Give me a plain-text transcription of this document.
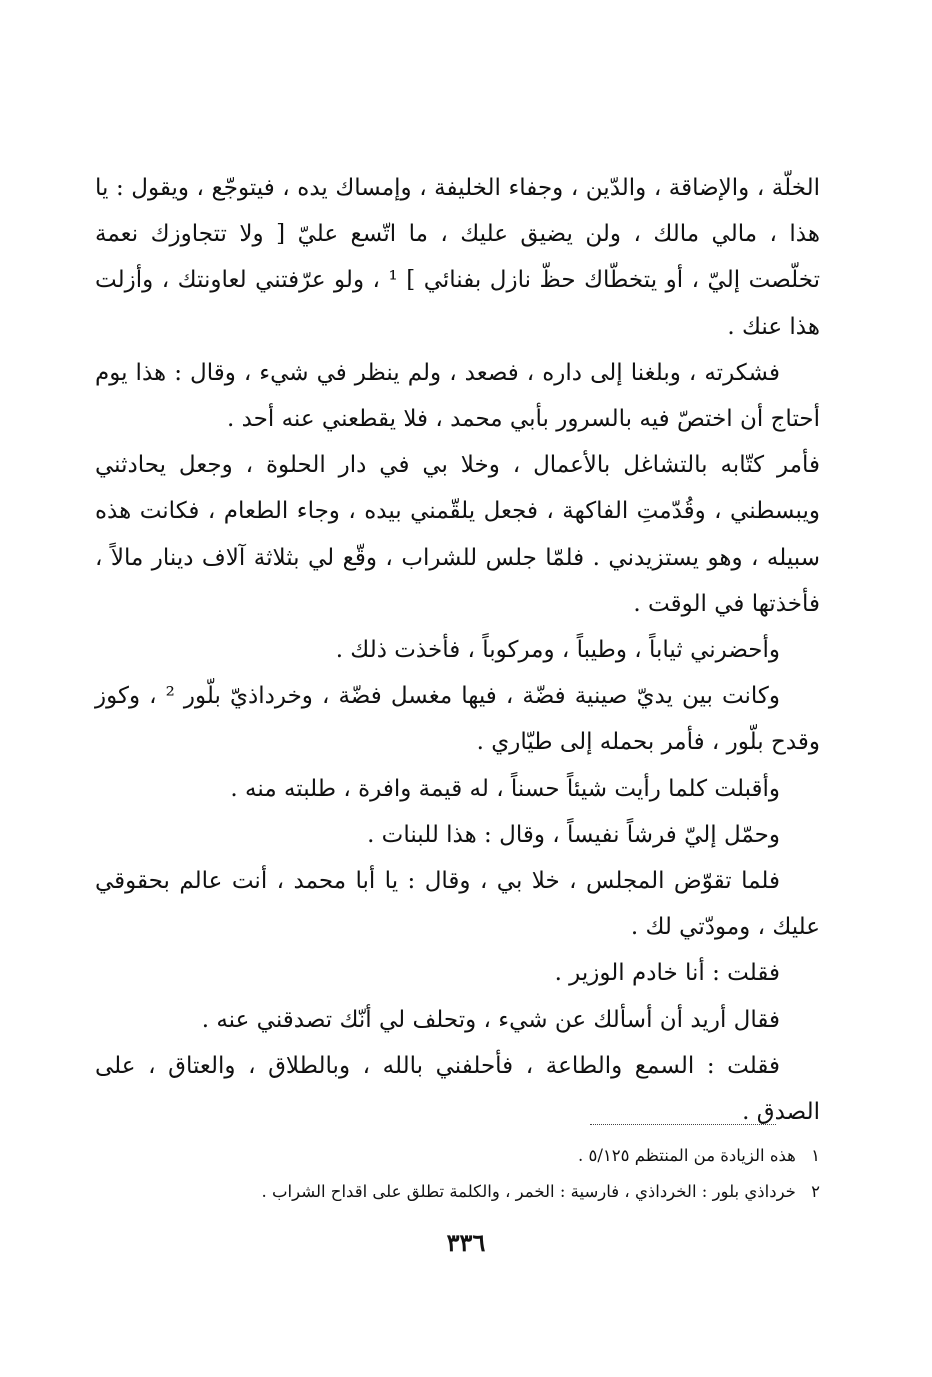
الخلّة ، والإضاقة ، والدّين ، وجفاء الخليفة ، وإمساك يده ، فيتوجّع ، ويقول : يا هذا ، مالي مالك ، ولن يضيق عليك ، ما اتّسع عليّ [ ولا تتجاوزك نعمة تخلّصت إليّ ، أو يتخطّاك حظّ نازل بفنائي ] ¹ ، ولو عرّفتني لعاونتك ، وأزلت هذا عنك .

فشكرته ، وبلغنا إلى داره ، فصعد ، ولم ينظر في شيء ، وقال : هذا يوم أحتاج أن اختصّ فيه بالسرور بأبي محمد ، فلا يقطعني عنه أحد .

فأمر كتّابه بالتشاغل بالأعمال ، وخلا بي في دار الحلوة ، وجعل يحادثني ويبسطني ، وقُدّمتِ الفاكهة ، فجعل يلقّمني بيده ، وجاء الطعام ، فكانت هذه سبيله ، وهو يستزيدني . فلمّا جلس للشراب ، وقّع لي بثلاثة آلاف دينار مالاً ، فأخذتها في الوقت .

وأحضرني ثياباً ، وطيباً ، ومركوباً ، فأخذت ذلك .

وكانت بين يديّ صينية فضّة ، فيها مغسل فضّة ، وخرداذيّ بلّور ² ، وكوز وقدح بلّور ، فأمر بحمله إلى طيّاري .

وأقبلت كلما رأيت شيئاً حسناً ، له قيمة وافرة ، طلبته منه .

وحمّل إليّ فرشاً نفيساً ، وقال : هذا للبنات .

فلما تقوّض المجلس ، خلا بي ، وقال : يا أبا محمد ، أنت عالم بحقوقي عليك ، ومودّتي لك .

فقلت : أنا خادم الوزير .

فقال أريد أن أسألك عن شيء ، وتحلف لي أنّك تصدقني عنه .

فقلت : السمع والطاعة ، فأحلفني بالله ، وبالطلاق ، والعتاق ، على الصدق .

١ هذه الزيادة من المنتظم ٥/١٢٥ .
٢ خرداذي بلور : الخرداذي ، فارسية : الخمر ، والكلمة تطلق على اقداح الشراب .
٣٣٦
